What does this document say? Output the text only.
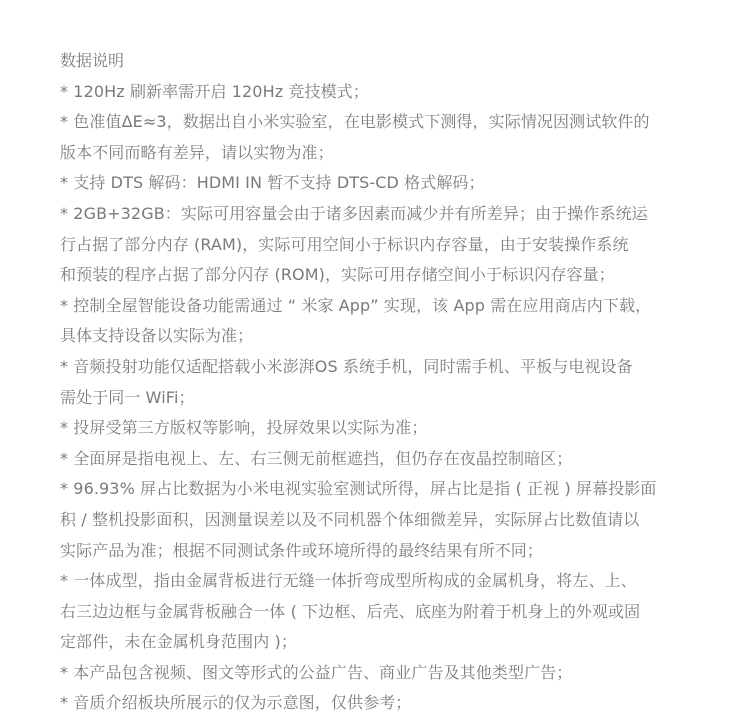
数据说明
* 120Hz 刷新率需开启 120Hz 竞技模式；
* 色准值ΔE≈3，数据出自小米实验室，在电影模式下测得，实际情况因测试软件的
版本不同而略有差异，请以实物为准；
* 支持 DTS 解码：HDMI IN 暂不支持 DTS-CD 格式解码；
* 2GB+32GB：实际可用容量会由于诸多因素而减少并有所差异；由于操作系统运
行占据了部分内存 (RAM)，实际可用空间小于标识内存容量，由于安装操作系统
和预装的程序占据了部分闪存 (ROM)，实际可用存储空间小于标识闪存容量；
* 控制全屋智能设备功能需通过 “ 米家 App” 实现，该 App 需在应用商店内下载，
具体支持设备以实际为准；
* 音频投射功能仅适配搭载小米澎湃OS 系统手机，同时需手机、平板与电视设备
需处于同一 WiFi；
* 投屏受第三方版权等影响，投屏效果以实际为准；
* 全面屏是指电视上、左、右三侧无前框遮挡，但仍存在夜晶控制暗区；
* 96.93% 屏占比数据为小米电视实验室测试所得，屏占比是指 ( 正视 ) 屏幕投影面
积 / 整机投影面积，因测量误差以及不同机器个体细微差异，实际屏占比数值请以
实际产品为准；根据不同测试条件或环境所得的最终结果有所不同；
* 一体成型，指由金属背板进行无缝一体折弯成型所构成的金属机身，将左、上、
右三边边框与金属背板融合一体 ( 下边框、后壳、底座为附着于机身上的外观或固
定部件，未在金属机身范围内 )；
* 本产品包含视频、图文等形式的公益广告、商业广告及其他类型广告；
* 音质介绍板块所展示的仅为示意图，仅供参考；
